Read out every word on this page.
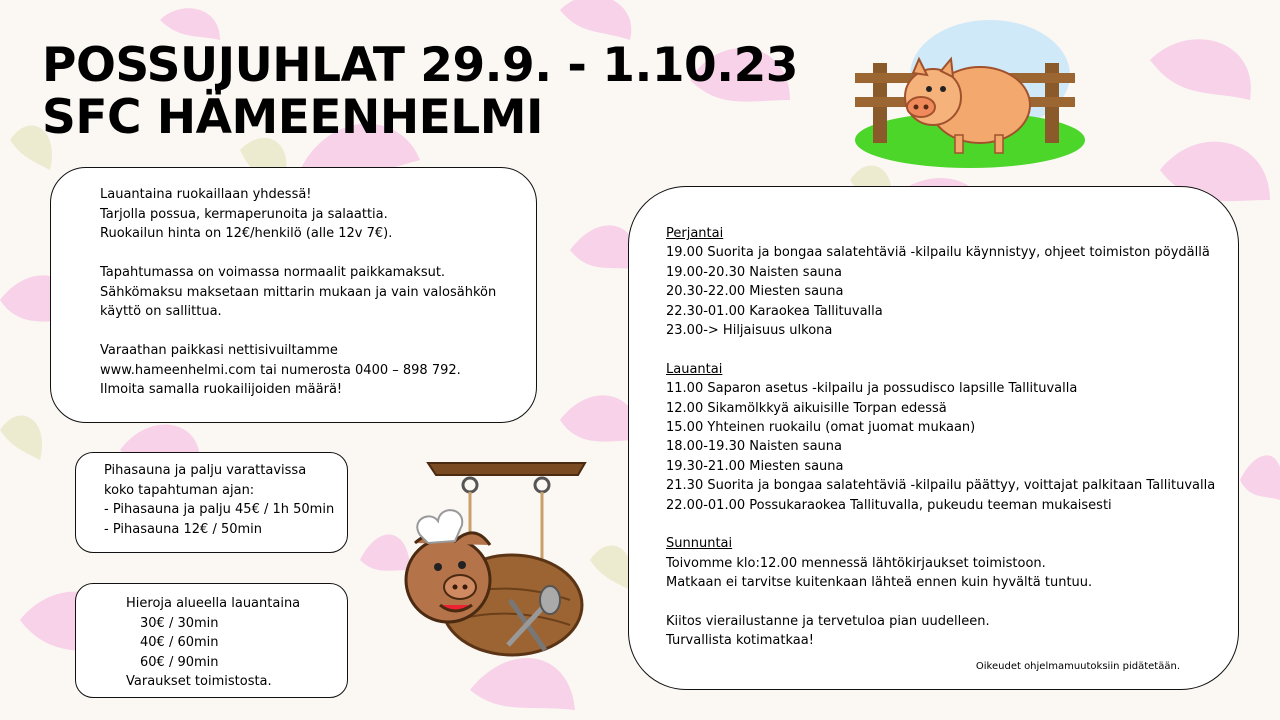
POSSUJUHLAT 29.9. - 1.10.23
SFC HÄMEENHELMI

Lauantaina ruokaillaan yhdessä!

Tarjolla possua, kermaperunoita ja salaattia.

Ruokailun hinta on 12€/henkilö (alle 12v 7€).

Tapahtumassa on voimassa normaalit paikkamaksut.

Sähkömaksu maksetaan mittarin mukaan ja vain valosähkön

käyttö on sallittua.

Varaathan paikkasi nettisivuiltamme

www.hameenhelmi.com tai numerosta 0400 – 898 792.

Ilmoita samalla ruokailijoiden määrä!

Pihasauna ja palju varattavissa

koko tapahtuman ajan:

- Pihasauna ja palju 45€ / 1h 50min

- Pihasauna 12€ / 50min

Hieroja alueella lauantaina

30€ / 30min

40€ / 60min

60€ / 90min

Varaukset toimistosta.

Perjantai

19.00 Suorita ja bongaa salatehtäviä -kilpailu käynnistyy, ohjeet toimiston pöydällä

19.00-20.30 Naisten sauna

20.30-22.00 Miesten sauna

22.30-01.00 Karaokea Tallituvalla

23.00-> Hiljaisuus ulkona

Lauantai

11.00 Saparon asetus -kilpailu ja possudisco lapsille Tallituvalla

12.00 Sikamölkkyä aikuisille Torpan edessä

15.00 Yhteinen ruokailu (omat juomat mukaan)

18.00-19.30 Naisten sauna

19.30-21.00 Miesten sauna

21.30 Suorita ja bongaa salatehtäviä -kilpailu päättyy, voittajat palkitaan Tallituvalla

22.00-01.00 Possukaraokea Tallituvalla, pukeudu teeman mukaisesti

Sunnuntai

Toivomme klo:12.00 mennessä lähtökirjaukset toimistoon.

Matkaan ei tarvitse kuitenkaan lähteä ennen kuin hyvältä tuntuu.

Kiitos vierailustanne ja tervetuloa pian uudelleen.

Turvallista kotimatkaa!

Oikeudet ohjelmamuutoksiin pidätetään.
